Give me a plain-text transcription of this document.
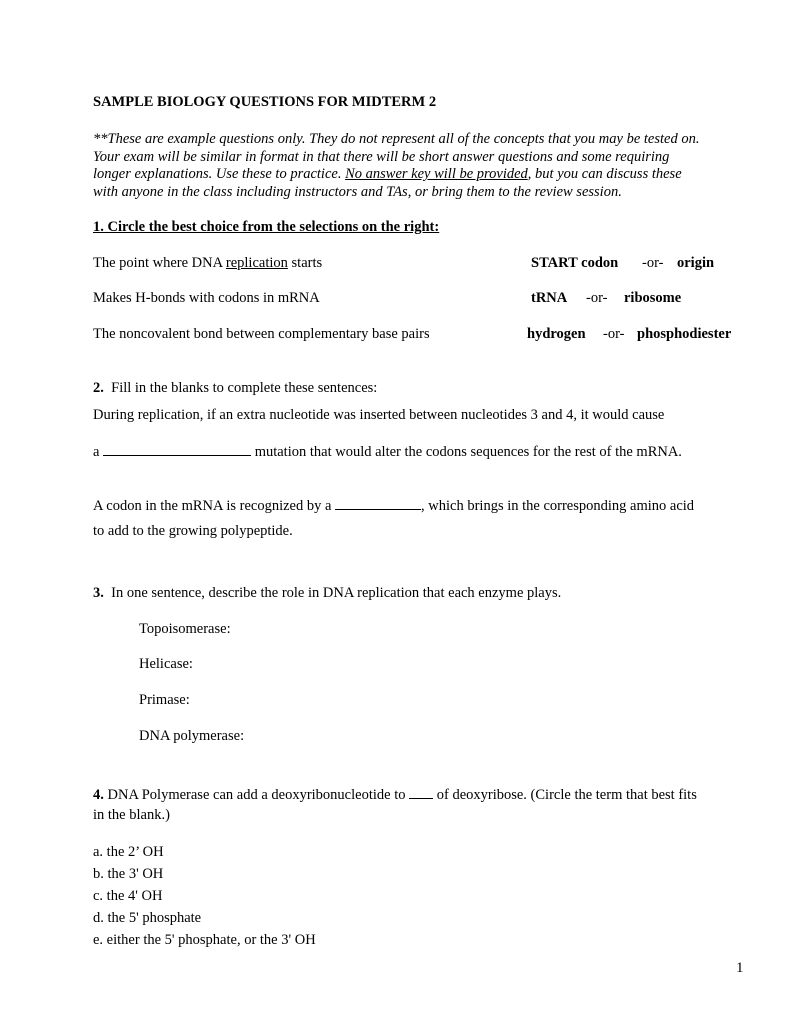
SAMPLE BIOLOGY QUESTIONS FOR MIDTERM 2
**These are example questions only. They do not represent all of the concepts that you may be tested on.
Your exam will be similar in format in that there will be short answer questions and some requiring
longer explanations. Use these to practice. No answer key will be provided, but you can discuss these
with anyone in the class including instructors and TAs, or bring them to the review session.
1. Circle the best choice from the selections on the right:
The point where DNA replication starts	START codon -or- origin
Makes H-bonds with codons in mRNA	tRNA -or- ribosome
The noncovalent bond between complementary base pairs	hydrogen -or- phosphodiester
2. Fill in the blanks to complete these sentences:
During replication, if an extra nucleotide was inserted between nucleotides 3 and 4, it would cause
a	mutation that would alter the codons sequences for the rest of the mRNA.
A codon in the mRNA is recognized by a	, which brings in the corresponding amino acid
to add to the growing polypeptide.
3. In one sentence, describe the role in DNA replication that each enzyme plays.
Topoisomerase:
Helicase:
Primase:
DNA polymerase:
4. DNA Polymerase can add a deoxyribonucleotide to  of deoxyribose. (Circle the term that best fits
in the blank.)
a. the 2’ OH
b. the 3' OH
c. the 4' OH
d. the 5' phosphate
e. either the 5' phosphate, or the 3' OH
1
